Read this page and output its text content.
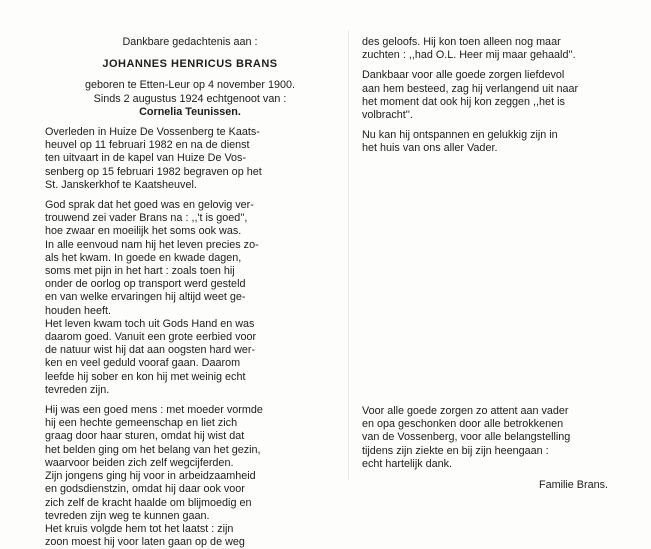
Dankbare gedachtenis aan :
JOHANNES HENRICUS BRANS
geboren te Etten-Leur op 4 november 1900.
Sinds 2 augustus 1924 echtgenoot van :
Cornelia Teunissen.
Overleden in Huize De Vossenberg te Kaats-
heuvel op 11 februari 1982 en na de dienst
ten uitvaart in de kapel van Huize De Vos-
senberg op 15 februari 1982 begraven op het
St. Janskerkhof te Kaatsheuvel.
God sprak dat het goed was en gelovig ver-
trouwend zei vader Brans na : ,,'t is goed'',
hoe zwaar en moeilijk het soms ook was.
In alle eenvoud nam hij het leven precies zo-
als het kwam. In goede en kwade dagen,
soms met pijn in het hart : zoals toen hij
onder de oorlog op transport werd gesteld
en van welke ervaringen hij altijd weet ge-
houden heeft.
Het leven kwam toch uit Gods Hand en was
daarom goed. Vanuit een grote eerbied voor
de natuur wist hij dat aan oogsten hard wer-
ken en veel geduld vooraf gaan. Daarom
leefde hij sober en kon hij met weinig echt
tevreden zijn.
Hij was een goed mens : met moeder vormde
hij een hechte gemeenschap en liet zich
graag door haar sturen, omdat hij wist dat
het belden ging om het belang van het gezin,
waarvoor beiden zich zelf wegcijferden.
Zijn jongens ging hij voor in arbeidzaamheid
en godsdienstzin, omdat hij daar ook voor
zich zelf de kracht haalde om blijmoedig en
tevreden zijn weg te kunnen gaan.
Het kruis volgde hem tot het laatst : zijn
zoon moest hij voor laten gaan op de weg
des geloofs. Hij kon toen alleen nog maar
zuchten : ,,had O.L. Heer mij maar gehaald''.
Dankbaar voor alle goede zorgen liefdevol
aan hem besteed, zag hij verlangend uit naar
het moment dat ook hij kon zeggen ,,het is
volbracht''.
Nu kan hij ontspannen en gelukkig zijn in
het huis van ons aller Vader.
Voor alle goede zorgen zo attent aan vader
en opa geschonken door alle betrokkenen
van de Vossenberg, voor alle belangstelling
tijdens zijn ziekte en bij zijn heengaan :
echt hartelijk dank.
Familie Brans.
